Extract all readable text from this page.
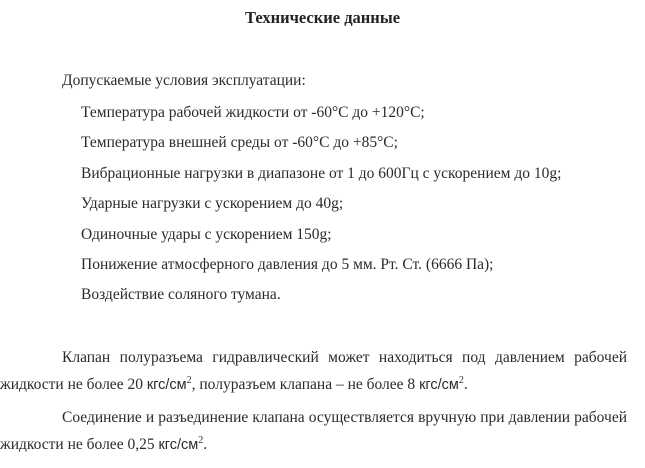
Технические данные
Допускаемые условия эксплуатации:
Температура рабочей жидкости от -60°С до +120°С;
Температура внешней среды от -60°С до +85°С;
Вибрационные нагрузки в диапазоне от 1 до 600Гц с ускорением до 10g;
Ударные нагрузки с ускорением до 40g;
Одиночные удары с ускорением 150g;
Понижение атмосферного давления до 5 мм. Рт. Ст. (6666 Па);
Воздействие соляного тумана.

Клапан полуразъема гидравлический может находиться под давлением рабочей жидкости не более 20 кгс/$см^2$, полуразъем клапана – не более 8 кгс/$см^2$.

Соединение и разъединение клапана осуществляется вручную при давлении рабочей жидкости не более 0,25 кгс/$см^2$.
